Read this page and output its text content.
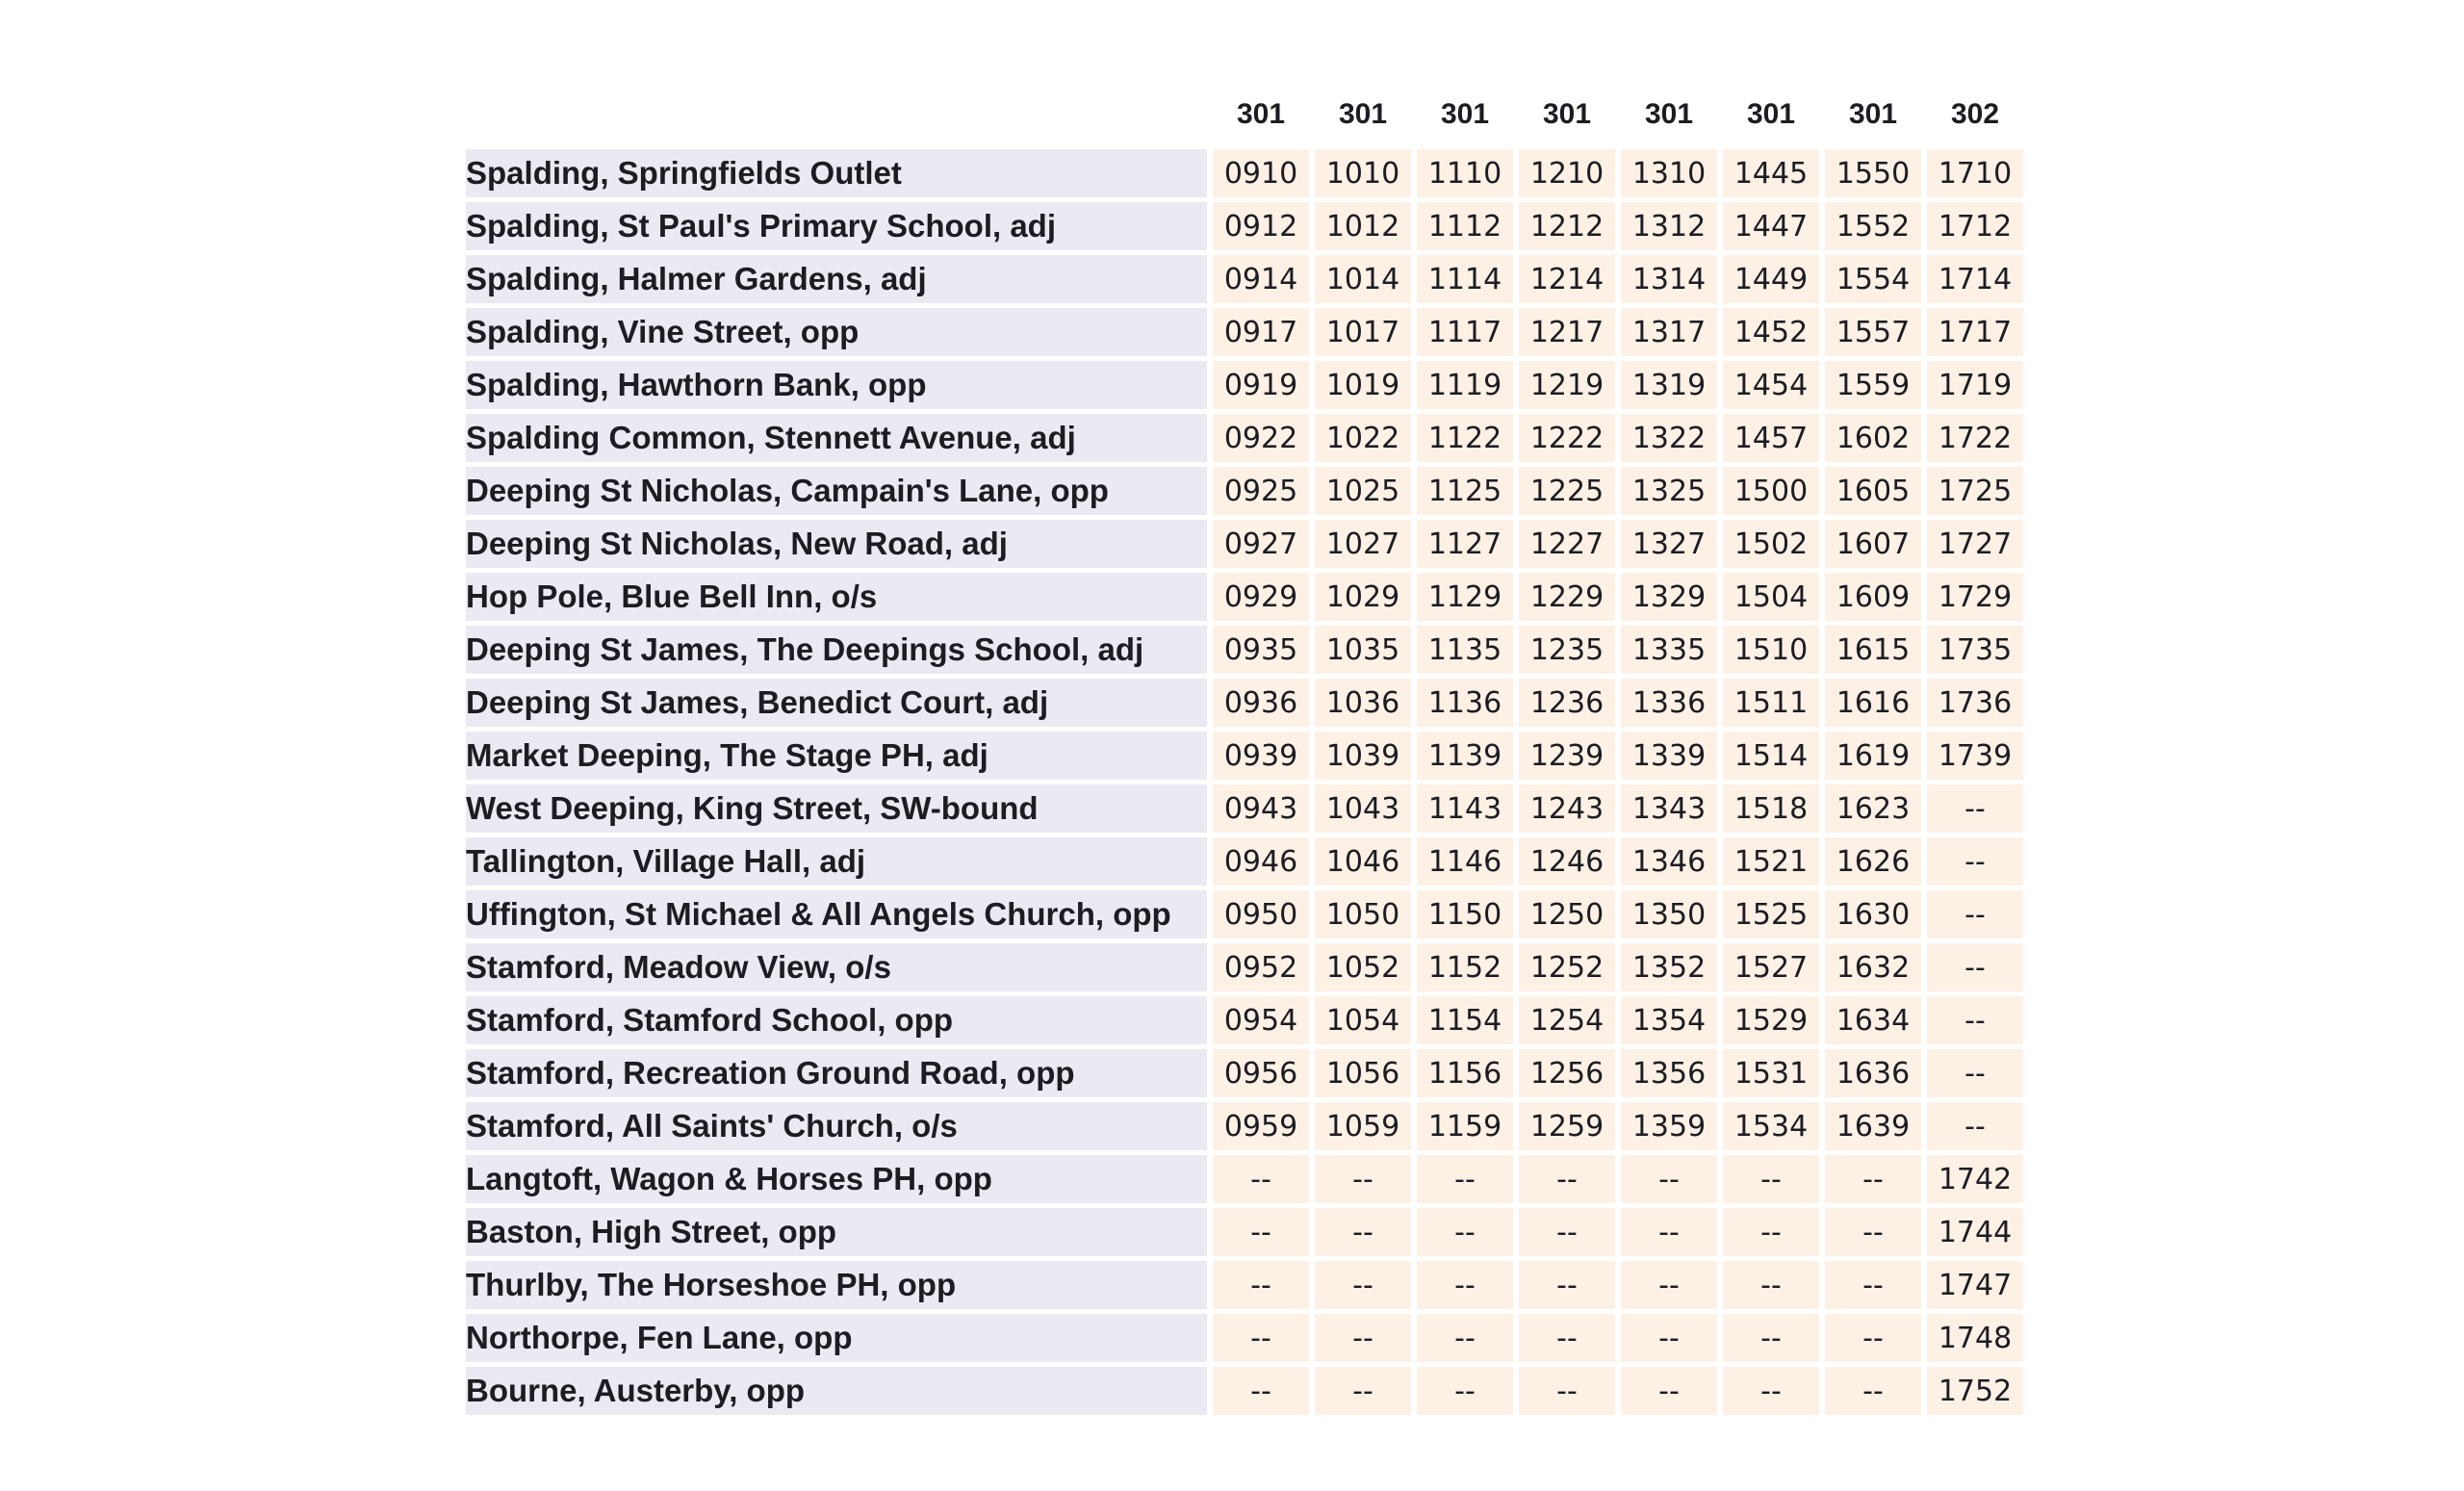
	301	301	301	301	301	301	301	302
Spalding, Springfields Outlet	0910	1010	1110	1210	1310	1445	1550	1710
Spalding, St Paul's Primary School, adj	0912	1012	1112	1212	1312	1447	1552	1712
Spalding, Halmer Gardens, adj	0914	1014	1114	1214	1314	1449	1554	1714
Spalding, Vine Street, opp	0917	1017	1117	1217	1317	1452	1557	1717
Spalding, Hawthorn Bank, opp	0919	1019	1119	1219	1319	1454	1559	1719
Spalding Common, Stennett Avenue, adj	0922	1022	1122	1222	1322	1457	1602	1722
Deeping St Nicholas, Campain's Lane, opp	0925	1025	1125	1225	1325	1500	1605	1725
Deeping St Nicholas, New Road, adj	0927	1027	1127	1227	1327	1502	1607	1727
Hop Pole, Blue Bell Inn, o/s	0929	1029	1129	1229	1329	1504	1609	1729
Deeping St James, The Deepings School, adj	0935	1035	1135	1235	1335	1510	1615	1735
Deeping St James, Benedict Court, adj	0936	1036	1136	1236	1336	1511	1616	1736
Market Deeping, The Stage PH, adj	0939	1039	1139	1239	1339	1514	1619	1739
West Deeping, King Street, SW-bound	0943	1043	1143	1243	1343	1518	1623	--
Tallington, Village Hall, adj	0946	1046	1146	1246	1346	1521	1626	--
Uffington, St Michael & All Angels Church, opp	0950	1050	1150	1250	1350	1525	1630	--
Stamford, Meadow View, o/s	0952	1052	1152	1252	1352	1527	1632	--
Stamford, Stamford School, opp	0954	1054	1154	1254	1354	1529	1634	--
Stamford, Recreation Ground Road, opp	0956	1056	1156	1256	1356	1531	1636	--
Stamford, All Saints' Church, o/s	0959	1059	1159	1259	1359	1534	1639	--
Langtoft, Wagon & Horses PH, opp	--	--	--	--	--	--	--	1742
Baston, High Street, opp	--	--	--	--	--	--	--	1744
Thurlby, The Horseshoe PH, opp	--	--	--	--	--	--	--	1747
Northorpe, Fen Lane, opp	--	--	--	--	--	--	--	1748
Bourne, Austerby, opp	--	--	--	--	--	--	--	1752
